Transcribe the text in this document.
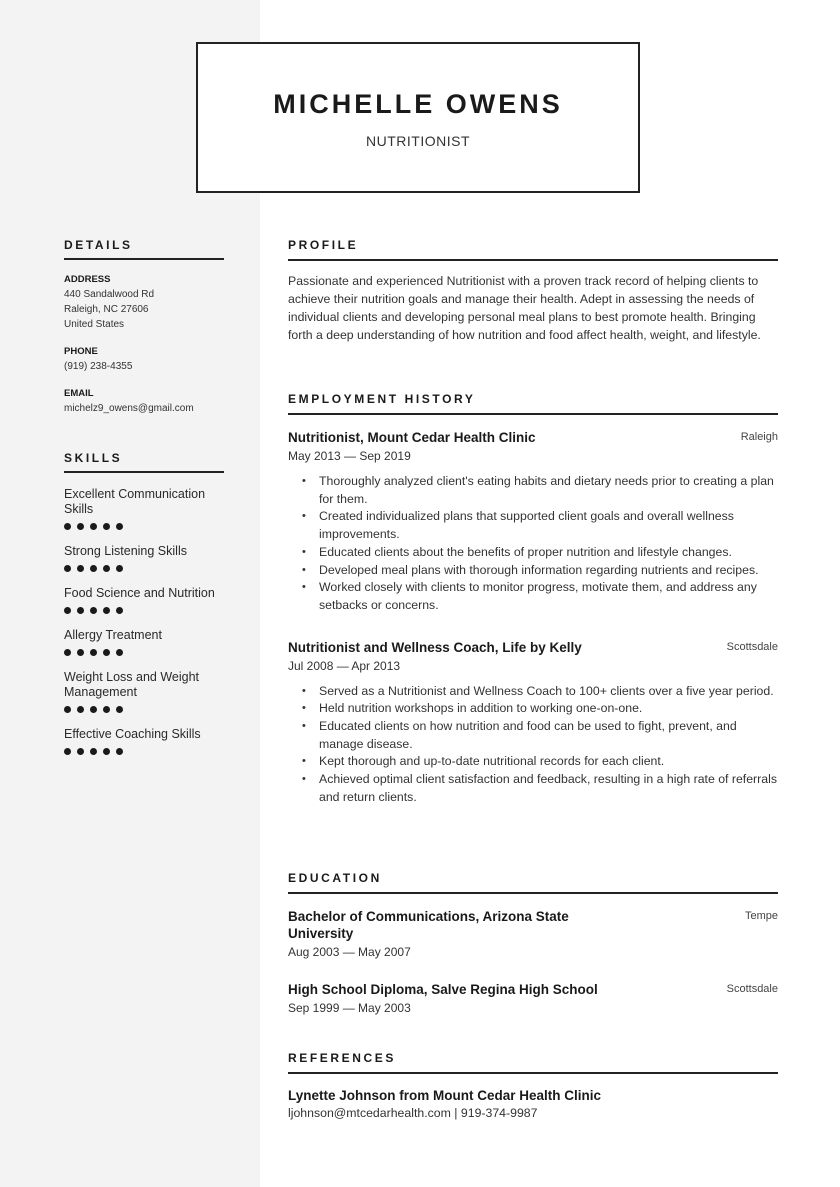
MICHELLE OWENS
NUTRITIONIST
DETAILS
ADDRESS
440 Sandalwood Rd
Raleigh, NC 27606
United States
PHONE
(919) 238-4355
EMAIL
michelz9_owens@gmail.com
SKILLS
Excellent Communication Skills
Strong Listening Skills
Food Science and Nutrition
Allergy Treatment
Weight Loss and Weight Management
Effective Coaching Skills
PROFILE
Passionate and experienced Nutritionist with a proven track record of helping clients to achieve their nutrition goals and manage their health. Adept in assessing the needs of individual clients and developing personal meal plans to best promote health. Bringing forth a deep understanding of how nutrition and food affect health, weight, and lifestyle.
EMPLOYMENT HISTORY
Nutritionist, Mount Cedar Health Clinic	Raleigh
May 2013 — Sep 2019
• Thoroughly analyzed client's eating habits and dietary needs prior to creating a plan for them.
• Created individualized plans that supported client goals and overall wellness improvements.
• Educated clients about the benefits of proper nutrition and lifestyle changes.
• Developed meal plans with thorough information regarding nutrients and recipes.
• Worked closely with clients to monitor progress, motivate them, and address any setbacks or concerns.
Nutritionist and Wellness Coach, Life by Kelly	Scottsdale
Jul 2008 — Apr 2013
• Served as a Nutritionist and Wellness Coach to 100+ clients over a five year period.
• Held nutrition workshops in addition to working one-on-one.
• Educated clients on how nutrition and food can be used to fight, prevent, and manage disease.
• Kept thorough and up-to-date nutritional records for each client.
• Achieved optimal client satisfaction and feedback, resulting in a high rate of referrals and return clients.
EDUCATION
Bachelor of Communications, Arizona State University
Tempe
Aug 2003 — May 2007
High School Diploma, Salve Regina High School	Scottsdale
Sep 1999 — May 2003
REFERENCES
Lynette Johnson from Mount Cedar Health Clinic
ljohnson@mtcedarhealth.com | 919-374-9987
